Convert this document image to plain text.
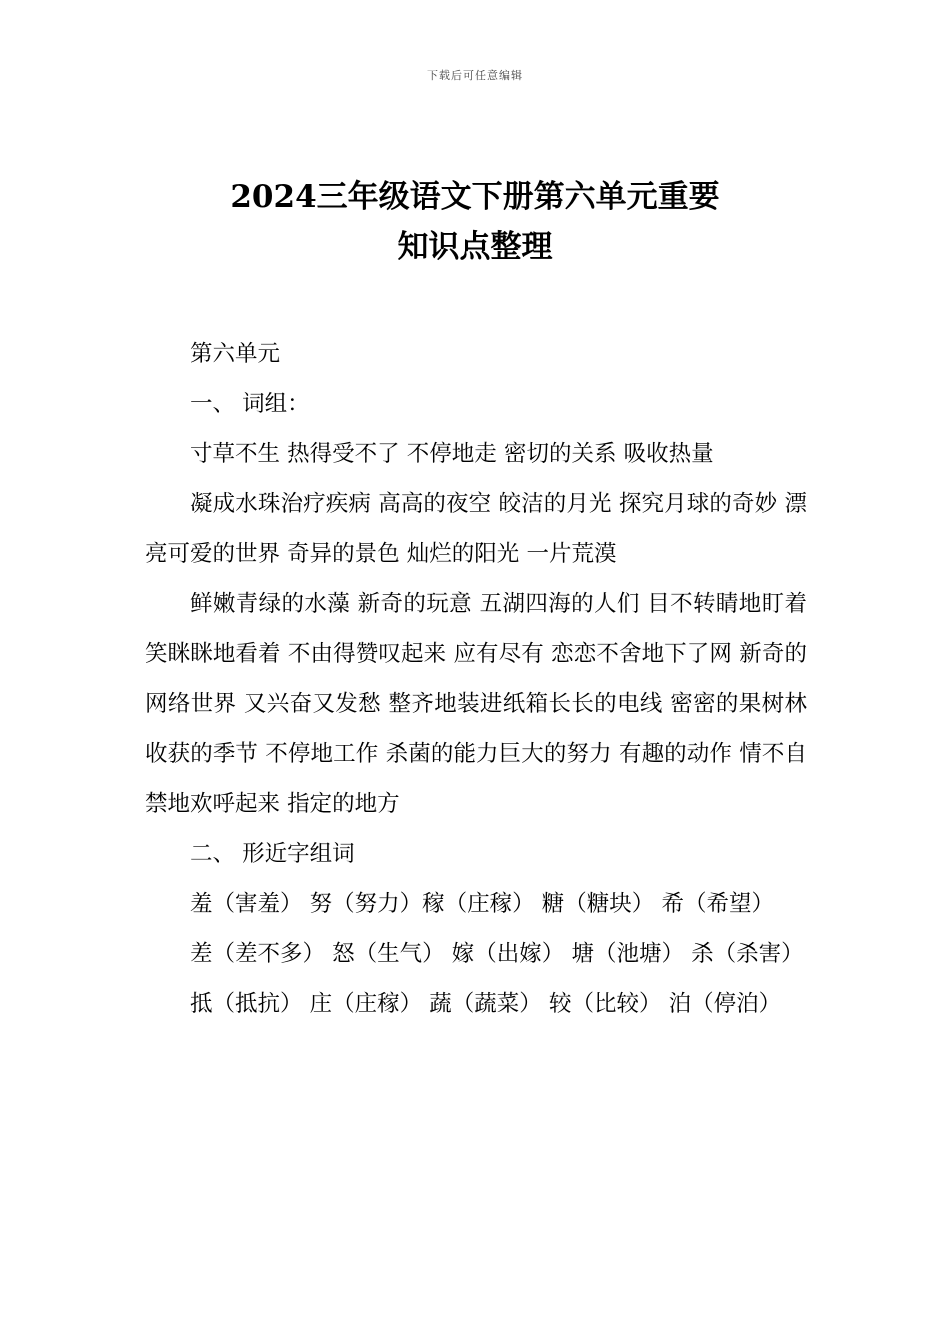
下载后可任意编辑
2024三年级语文下册第六单元重要
知识点整理

第六单元

一、 词组：

寸草不生 热得受不了 不停地走 密切的关系 吸收热量

凝成水珠治疗疾病 高高的夜空 皎洁的月光 探究月球的奇妙 漂亮可爱的世界 奇异的景色 灿烂的阳光 一片荒漠

鲜嫩青绿的水藻 新奇的玩意 五湖四海的人们 目不转睛地盯着 笑眯眯地看着 不由得赞叹起来 应有尽有 恋恋不舍地下了网 新奇的网络世界 又兴奋又发愁 整齐地装进纸箱长长的电线 密密的果树林 收获的季节 不停地工作 杀菌的能力巨大的努力 有趣的动作 情不自禁地欢呼起来 指定的地方

二、 形近字组词

羞（害羞） 努（努力）稼（庄稼） 糖（糖块） 希（希望）

差（差不多） 怒（生气） 嫁（出嫁） 塘（池塘） 杀（杀害）

抵（抵抗） 庄（庄稼） 蔬（蔬菜） 较（比较） 泊（停泊）
